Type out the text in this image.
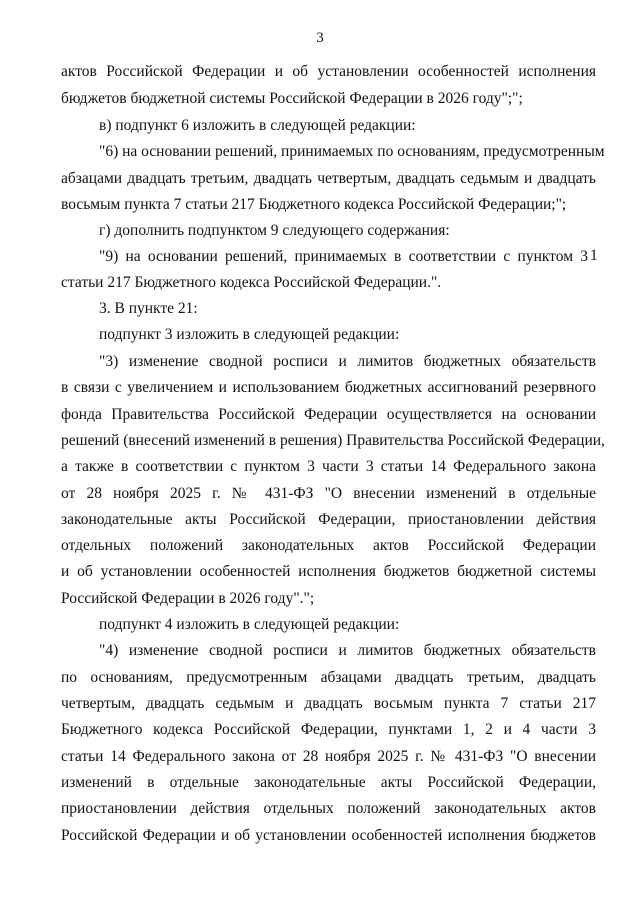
3
актов Российской Федерации и об установлении особенностей исполнения
бюджетов бюджетной системы Российской Федерации в 2026 году";";
в) подпункт 6 изложить в следующей редакции:
"6) на основании решений, принимаемых по основаниям, предусмотренным
абзацами двадцать третьим, двадцать четвертым, двадцать седьмым и двадцать
восьмым пункта 7 статьи 217 Бюджетного кодекса Российской Федерации;";
г) дополнить подпунктом 9 следующего содержания:
"9) на основании решений, принимаемых в соответствии с пунктом 3 1
статьи 217 Бюджетного кодекса Российской Федерации.".
3. В пункте 21:
подпункт 3 изложить в следующей редакции:
"3) изменение сводной росписи и лимитов бюджетных обязательств
в связи с увеличением и использованием бюджетных ассигнований резервного
фонда Правительства Российской Федерации осуществляется на основании
решений (внесений изменений в решения) Правительства Российской Федерации,
а также в соответствии с пунктом 3 части 3 статьи 14 Федерального закона
от 28 ноября 2025 г. № 431-ФЗ "О внесении изменений в отдельные
законодательные акты Российской Федерации, приостановлении действия
отдельных положений законодательных актов Российской Федерации
и об установлении особенностей исполнения бюджетов бюджетной системы
Российской Федерации в 2026 году".";
подпункт 4 изложить в следующей редакции:
"4) изменение сводной росписи и лимитов бюджетных обязательств
по основаниям, предусмотренным абзацами двадцать третьим, двадцать
четвертым, двадцать седьмым и двадцать восьмым пункта 7 статьи 217
Бюджетного кодекса Российской Федерации, пунктами 1, 2 и 4 части 3
статьи 14 Федерального закона от 28 ноября 2025 г. № 431-ФЗ "О внесении
изменений в отдельные законодательные акты Российской Федерации,
приостановлении действия отдельных положений законодательных актов
Российской Федерации и об установлении особенностей исполнения бюджетов
